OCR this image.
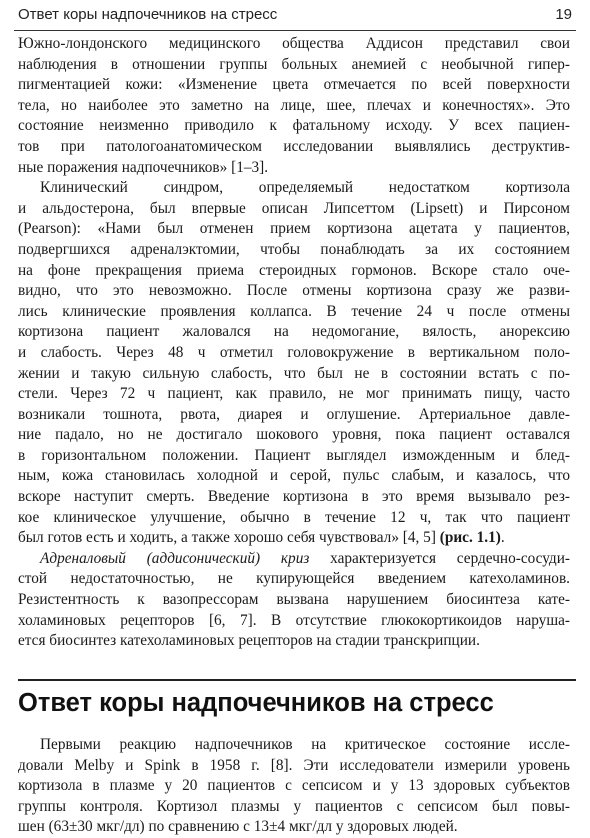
Ответ коры надпочечников на стресс	19
Южно-лондонского медицинского общества Аддисон представил свои
наблюдения в отношении группы больных анемией с необычной гипер-
пигментацией кожи: «Изменение цвета отмечается по всей поверхности
тела, но наиболее это заметно на лице, шее, плечах и конечностях». Это
состояние неизменно приводило к фатальному исходу. У всех пациен-
тов при патологоанатомическом исследовании выявлялись деструктив-
ные поражения надпочечников» [1–3].
Клинический синдром, определяемый недостатком кортизола
и альдостерона, был впервые описан Липсеттом (Lipsett) и Пирсоном
(Pearson): «Нами был отменен прием кортизона ацетата у пациентов,
подвергшихся адреналэктомии, чтобы понаблюдать за их состоянием
на фоне прекращения приема стероидных гормонов. Вскоре стало оче-
видно, что это невозможно. После отмены кортизона сразу же разви-
лись клинические проявления коллапса. В течение 24 ч после отмены
кортизона пациент жаловался на недомогание, вялость, анорексию
и слабость. Через 48 ч отметил головокружение в вертикальном поло-
жении и такую сильную слабость, что был не в состоянии встать с по-
стели. Через 72 ч пациент, как правило, не мог принимать пищу, часто
возникали тошнота, рвота, диарея и оглушение. Артериальное давле-
ние падало, но не достигало шокового уровня, пока пациент оставался
в горизонтальном положении. Пациент выглядел изможденным и блед-
ным, кожа становилась холодной и серой, пульс слабым, и казалось, что
вскоре наступит смерть. Введение кортизона в это время вызывало рез-
кое клиническое улучшение, обычно в течение 12 ч, так что пациент
был готов есть и ходить, а также хорошо себя чувствовал» [4, 5] (рис. 1.1).
Адреналовый (аддисонический) криз характеризуется сердечно-сосуди-
стой недостаточностью, не купирующейся введением катехоламинов.
Резистентность к вазопрессорам вызвана нарушением биосинтеза кате-
холаминовых рецепторов [6, 7]. В отсутствие глюкокортикоидов наруша-
ется биосинтез катехоламиновых рецепторов на стадии транскрипции.
Ответ коры надпочечников на стресс
Первыми реакцию надпочечников на критическое состояние иссле-
довали Melby и Spink в 1958 г. [8]. Эти исследователи измерили уровень
кортизола в плазме у 20 пациентов с сепсисом и у 13 здоровых субъектов
группы контроля. Кортизол плазмы у пациентов с сепсисом был повы-
шен (63±30 мкг/дл) по сравнению с 13±4 мкг/дл у здоровых людей.
